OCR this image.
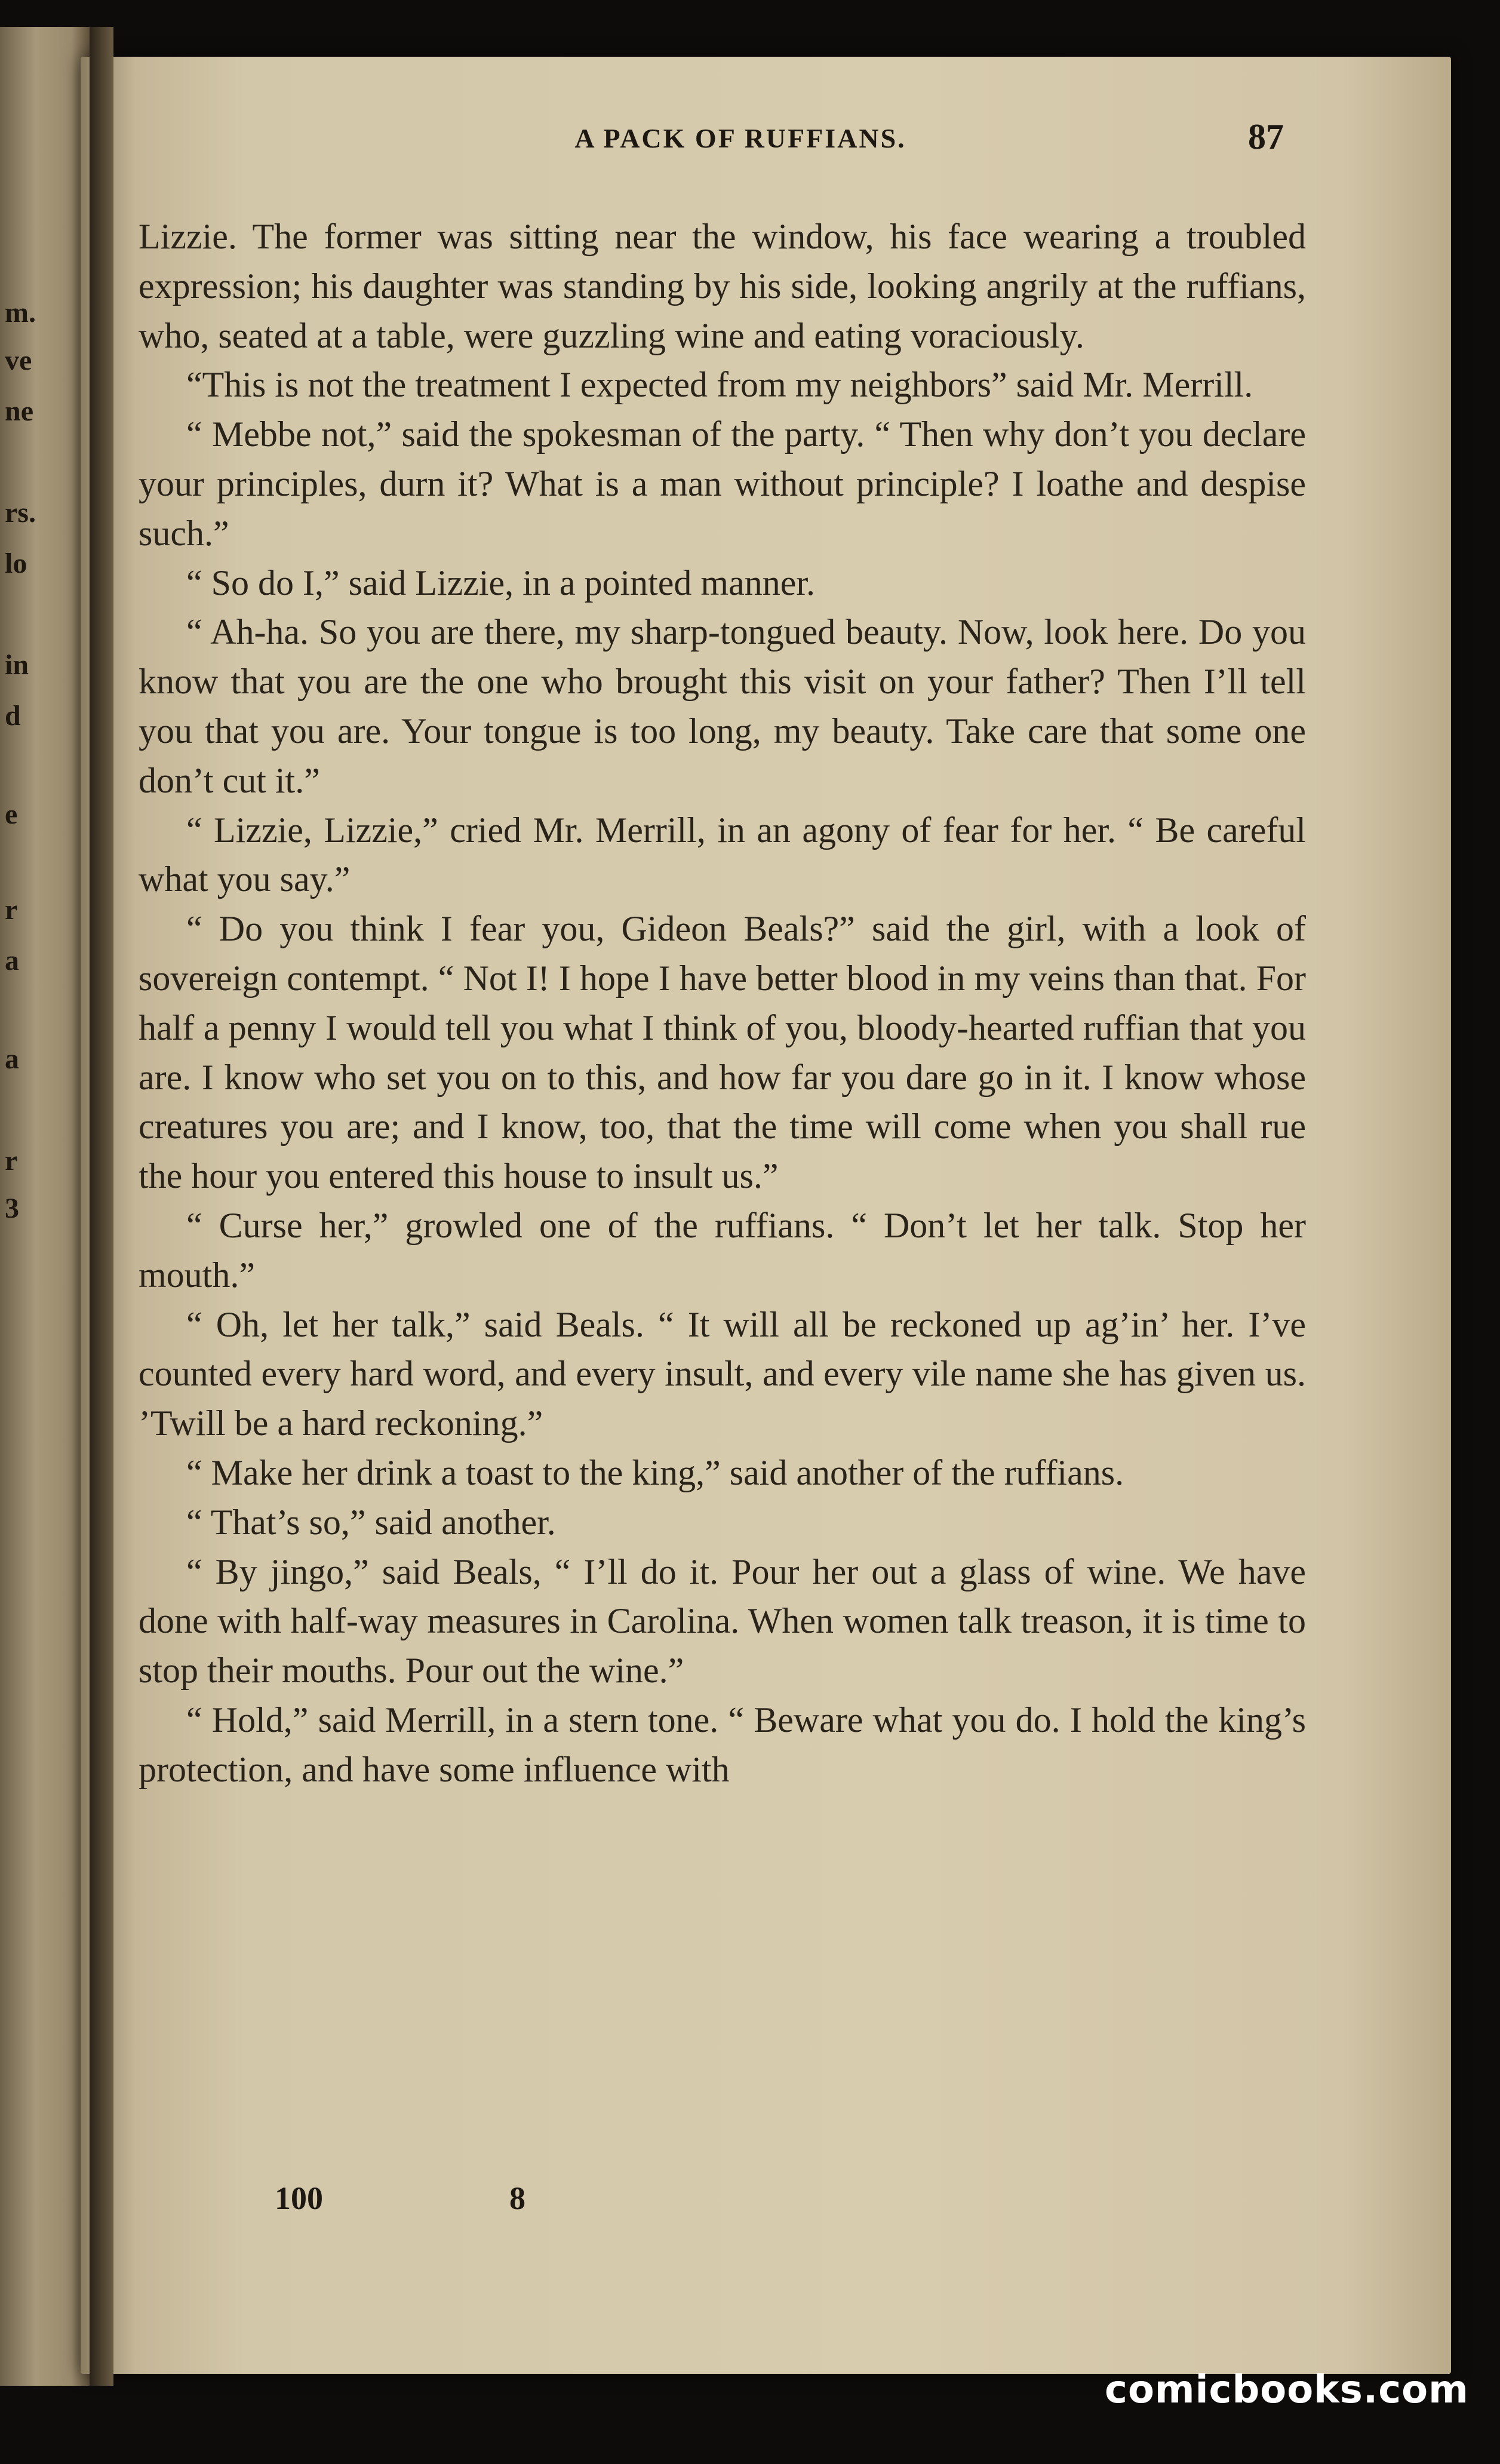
m.
ve
ne
rs.
lo
in
d
e
r
a
a
r
3
A PACK OF RUFFIANS.	87

Lizzie. The former was sitting near the window, his face wearing a troubled expression; his daughter was standing by his side, looking angrily at the ruffians, who, seated at a table, were guzzling wine and eating voraciously.

“This is not the treatment I expected from my neighbors” said Mr. Merrill.

“ Mebbe not,” said the spokesman of the party. “ Then why don’t you declare your principles, durn it? What is a man without principle? I loathe and despise such.”

“ So do I,” said Lizzie, in a pointed manner.

“ Ah-ha. So you are there, my sharp-tongued beauty. Now, look here. Do you know that you are the one who brought this visit on your father? Then I’ll tell you that you are. Your tongue is too long, my beauty. Take care that some one don’t cut it.”

“ Lizzie, Lizzie,” cried Mr. Merrill, in an agony of fear for her. “ Be careful what you say.”

“ Do you think I fear you, Gideon Beals?” said the girl, with a look of sovereign contempt. “ Not I! I hope I have better blood in my veins than that. For half a penny I would tell you what I think of you, bloody-hearted ruffian that you are. I know who set you on to this, and how far you dare go in it. I know whose creatures you are; and I know, too, that the time will come when you shall rue the hour you entered this house to insult us.”

“ Curse her,” growled one of the ruffians. “ Don’t let her talk. Stop her mouth.”

“ Oh, let her talk,” said Beals. “ It will all be reckoned up ag’in’ her. I’ve counted every hard word, and every insult, and every vile name she has given us. ’Twill be a hard reckoning.”

“ Make her drink a toast to the king,” said another of the ruffians.

“ That’s so,” said another.

“ By jingo,” said Beals, “ I’ll do it. Pour her out a glass of wine. We have done with half-way measures in Carolina. When women talk treason, it is time to stop their mouths. Pour out the wine.”

“ Hold,” said Merrill, in a stern tone. “ Beware what you do. I hold the king’s protection, and have some influence with

100	8
comicbooks.com
